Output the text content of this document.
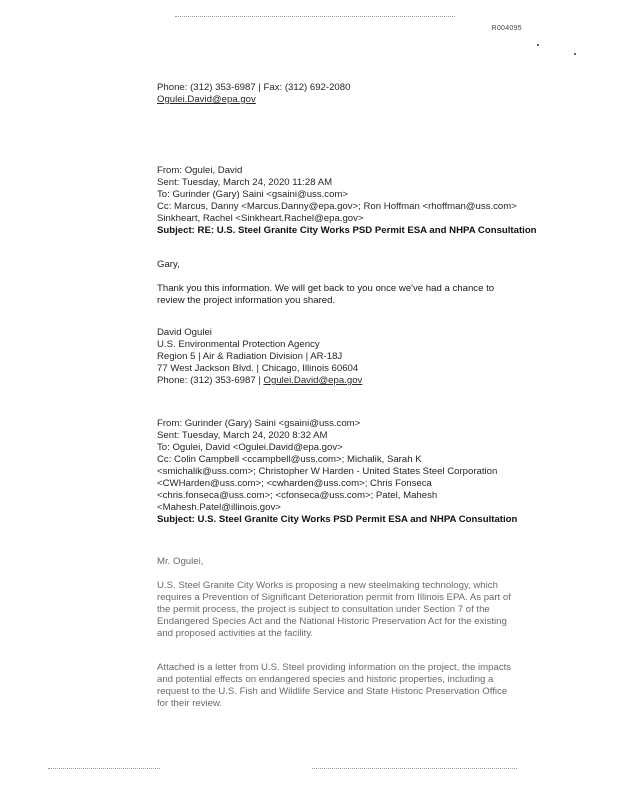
R004095
Phone: (312) 353-6987 | Fax: (312) 692-2080
Ogulei.David@epa.gov
From: Ogulei, David
Sent: Tuesday, March 24, 2020 11:28 AM
To: Gurinder (Gary) Saini <gsaini@uss.com>
Cc: Marcus, Danny <Marcus.Danny@epa.gov>; Ron Hoffman <rhoffman@uss.com>
Sinkheart, Rachel <Sinkheart.Rachel@epa.gov>
Subject: RE: U.S. Steel Granite City Works PSD Permit ESA and NHPA Consultation
Gary,
Thank you this information. We will get back to you once we've had a chance to review the project information you shared.
David Ogulei
U.S. Environmental Protection Agency
Region 5 | Air & Radiation Division | AR-18J
77 West Jackson Blvd. | Chicago, Illinois 60604
Phone: (312) 353-6987 | Ogulei.David@epa.gov
From: Gurinder (Gary) Saini <gsaini@uss.com>
Sent: Tuesday, March 24, 2020 8:32 AM
To: Ogulei, David <Ogulei.David@epa.gov>
Cc: Colin Campbell <ccampbell@uss.com>; Michalik, Sarah K
<smichalik@uss.com>; Christopher W Harden - United States Steel Corporation
<CWHarden@uss.com>; <cwharden@uss.com>; Chris Fonseca
<chris.fonseca@uss.com>; <cfonseca@uss.com>; Patel, Mahesh
<Mahesh.Patel@illinois.gov>
Subject: U.S. Steel Granite City Works PSD Permit ESA and NHPA Consultation
Mr. Ogulei,
U.S. Steel Granite City Works is proposing a new steelmaking technology, which requires a Prevention of Significant Deterioration permit from Illinois EPA. As part of the permit process, the project is subject to consultation under Section 7 of the Endangered Species Act and the National Historic Preservation Act for the existing and proposed activities at the facility.
Attached is a letter from U.S. Steel providing information on the project, the impacts and potential effects on endangered species and historic properties, including a request to the U.S. Fish and Wildlife Service and State Historic Preservation Office for their review.
